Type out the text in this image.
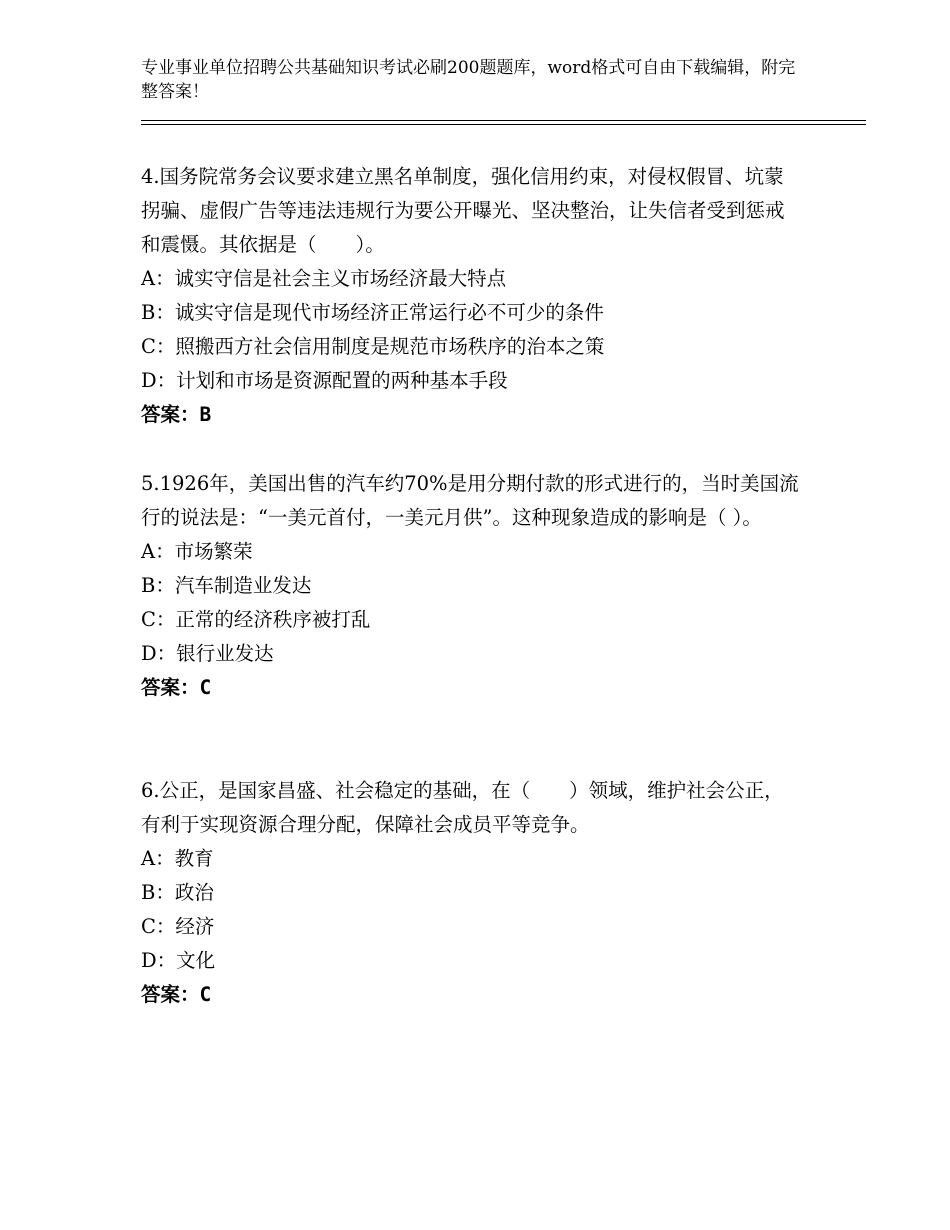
专业事业单位招聘公共基础知识考试必刷200题题库，word格式可自由下载编辑，附完整答案！

4.国务院常务会议要求建立黑名单制度，强化信用约束，对侵权假冒、坑蒙拐骗、虚假广告等违法违规行为要公开曝光、坚决整治，让失信者受到惩戒和震慑。其依据是（　　）。

A：诚实守信是社会主义市场经济最大特点

B：诚实守信是现代市场经济正常运行必不可少的条件

C：照搬西方社会信用制度是规范市场秩序的治本之策

D：计划和市场是资源配置的两种基本手段

答案：B

5.1926年，美国出售的汽车约70%是用分期付款的形式进行的，当时美国流行的说法是：“一美元首付，一美元月供”。这种现象造成的影响是（ ）。

A：市场繁荣

B：汽车制造业发达

C：正常的经济秩序被打乱

D：银行业发达

答案：C

6.公正，是国家昌盛、社会稳定的基础，在（　　）领域，维护社会公正，有利于实现资源合理分配，保障社会成员平等竞争。

A：教育

B：政治

C：经济

D：文化

答案：C
